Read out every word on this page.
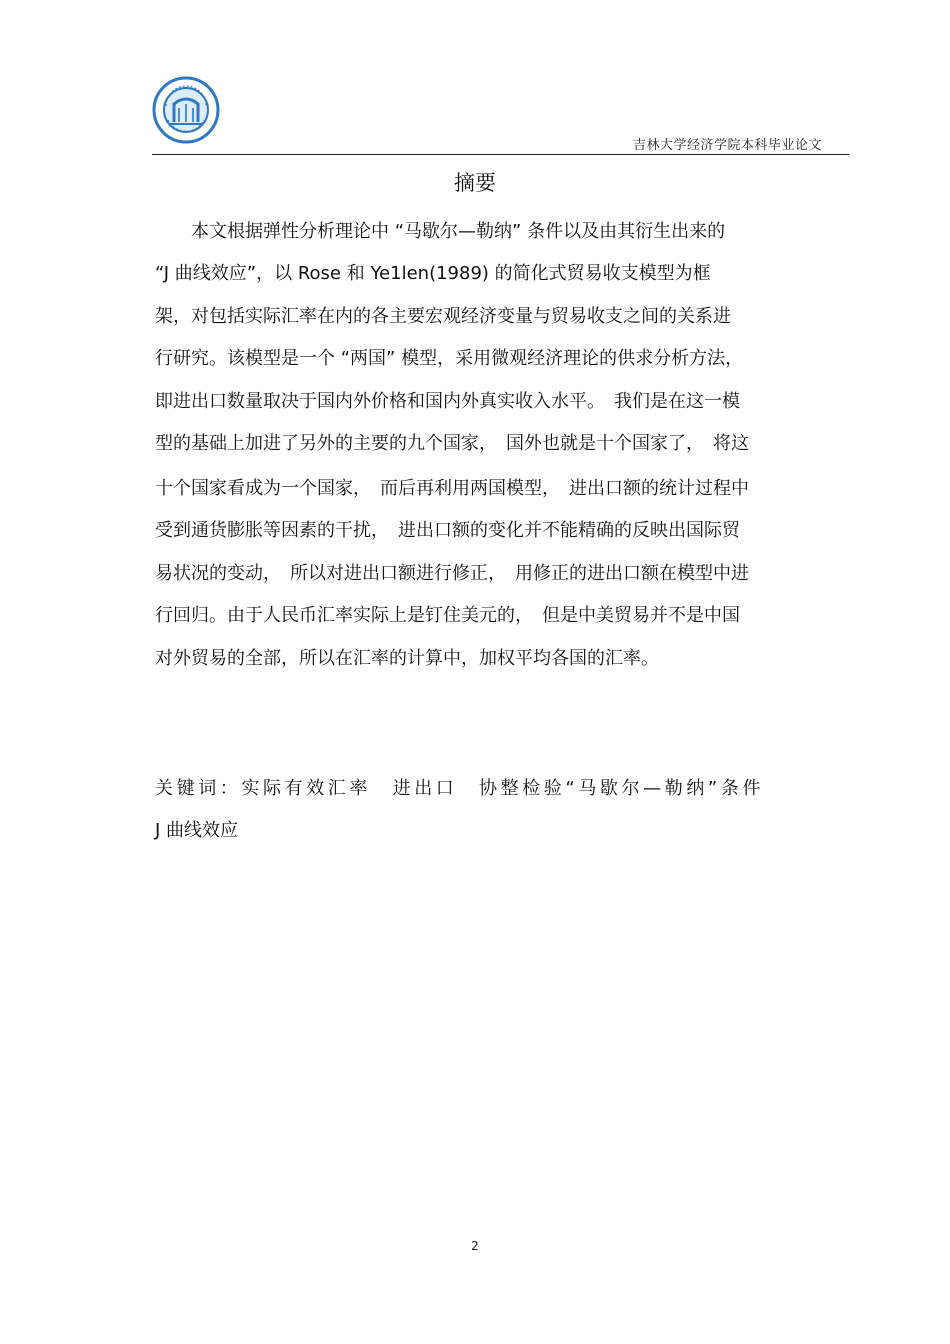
吉林大学经济学院本科毕业论文
摘要
　　本文根据弹性分析理论中 “马歇尔—勒纳” 条件以及由其衍生出来的
“J 曲线效应”，以 Rose 和 Ye1len(1989) 的简化式贸易收支模型为框
架，对包括实际汇率在内的各主要宏观经济变量与贸易收支之间的关系进
行研究。该模型是一个 “两国” 模型，采用微观经济理论的供求分析方法，
即进出口数量取决于国内外价格和国内外真实收入水平。　我们是在这一模
型的基础上加进了另外的主要的九个国家，　国外也就是十个国家了，　将这
十个国家看成为一个国家，　而后再利用两国模型，　进出口额的统计过程中
受到通货膨胀等因素的干扰，　进出口额的变化并不能精确的反映出国际贸
易状况的变动，　所以对进出口额进行修正，　用修正的进出口额在模型中进
行回归。由于人民币汇率实际上是钉住美元的，　但是中美贸易并不是中国
对外贸易的全部，所以在汇率的计算中，加权平均各国的汇率。
关键词：实际有效汇率　进出口　协整检验“马歇尔—勒纳”条件
J 曲线效应
2
